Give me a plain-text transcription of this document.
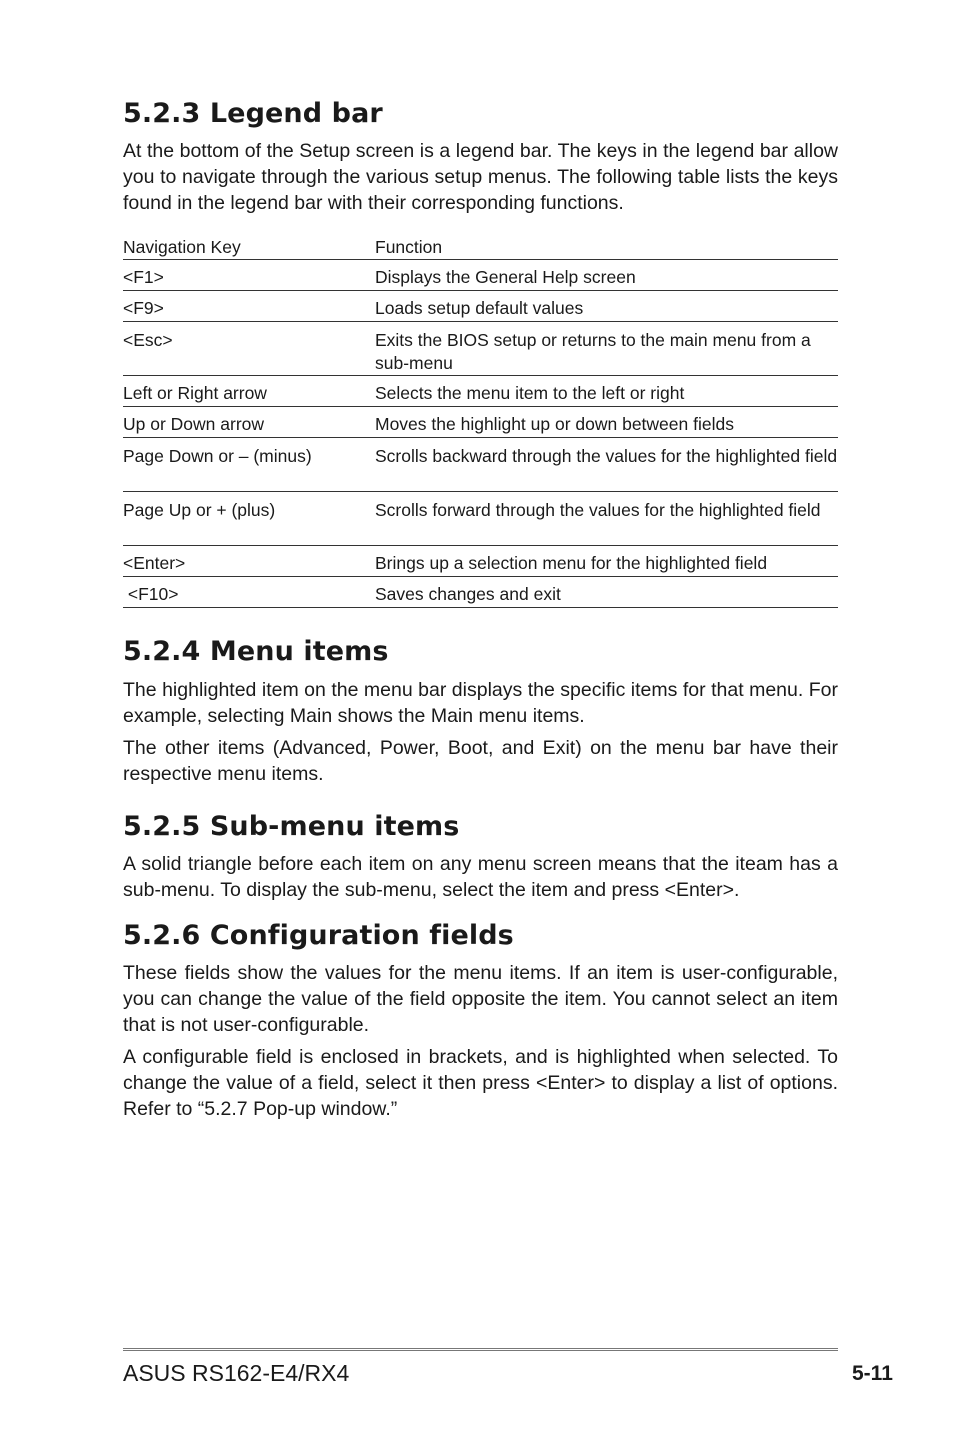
5.2.3 Legend bar

At the bottom of the Setup screen is a legend bar. The keys in the legend bar allow you to navigate through the various setup menus. The following table lists the keys found in the legend bar with their corresponding functions.

Navigation Key	Function
<F1>	Displays the General Help screen
<F9>	Loads setup default values
<Esc>	Exits the BIOS setup or returns to the main menu from a sub-menu
Left or Right arrow	Selects the menu item to the left or right
Up or Down arrow	Moves the highlight up or down between fields
Page Down or – (minus)	Scrolls backward through the values for the highlighted field
Page Up or + (plus)	Scrolls forward through the values for the highlighted field
<Enter>	Brings up a selection menu for the highlighted field
<F10>	Saves changes and exit
5.2.4 Menu items

The highlighted item on the menu bar displays the specific items for that menu. For example, selecting Main shows the Main menu items.

The other items (Advanced, Power, Boot, and Exit) on the menu bar have their respective menu items.

5.2.5 Sub-menu items

A solid triangle before each item on any menu screen means that the iteam has a sub-menu. To display the sub-menu, select the item and press <Enter>.

5.2.6 Configuration fields

These fields show the values for the menu items. If an item is user-configurable, you can change the value of the field opposite the item. You cannot select an item that is not user-configurable.

A configurable field is enclosed in brackets, and is highlighted when selected. To change the value of a field, select it then press <Enter> to display a list of options. Refer to “5.2.7 Pop-up window.”

ASUS RS162-E4/RX4	5-11
